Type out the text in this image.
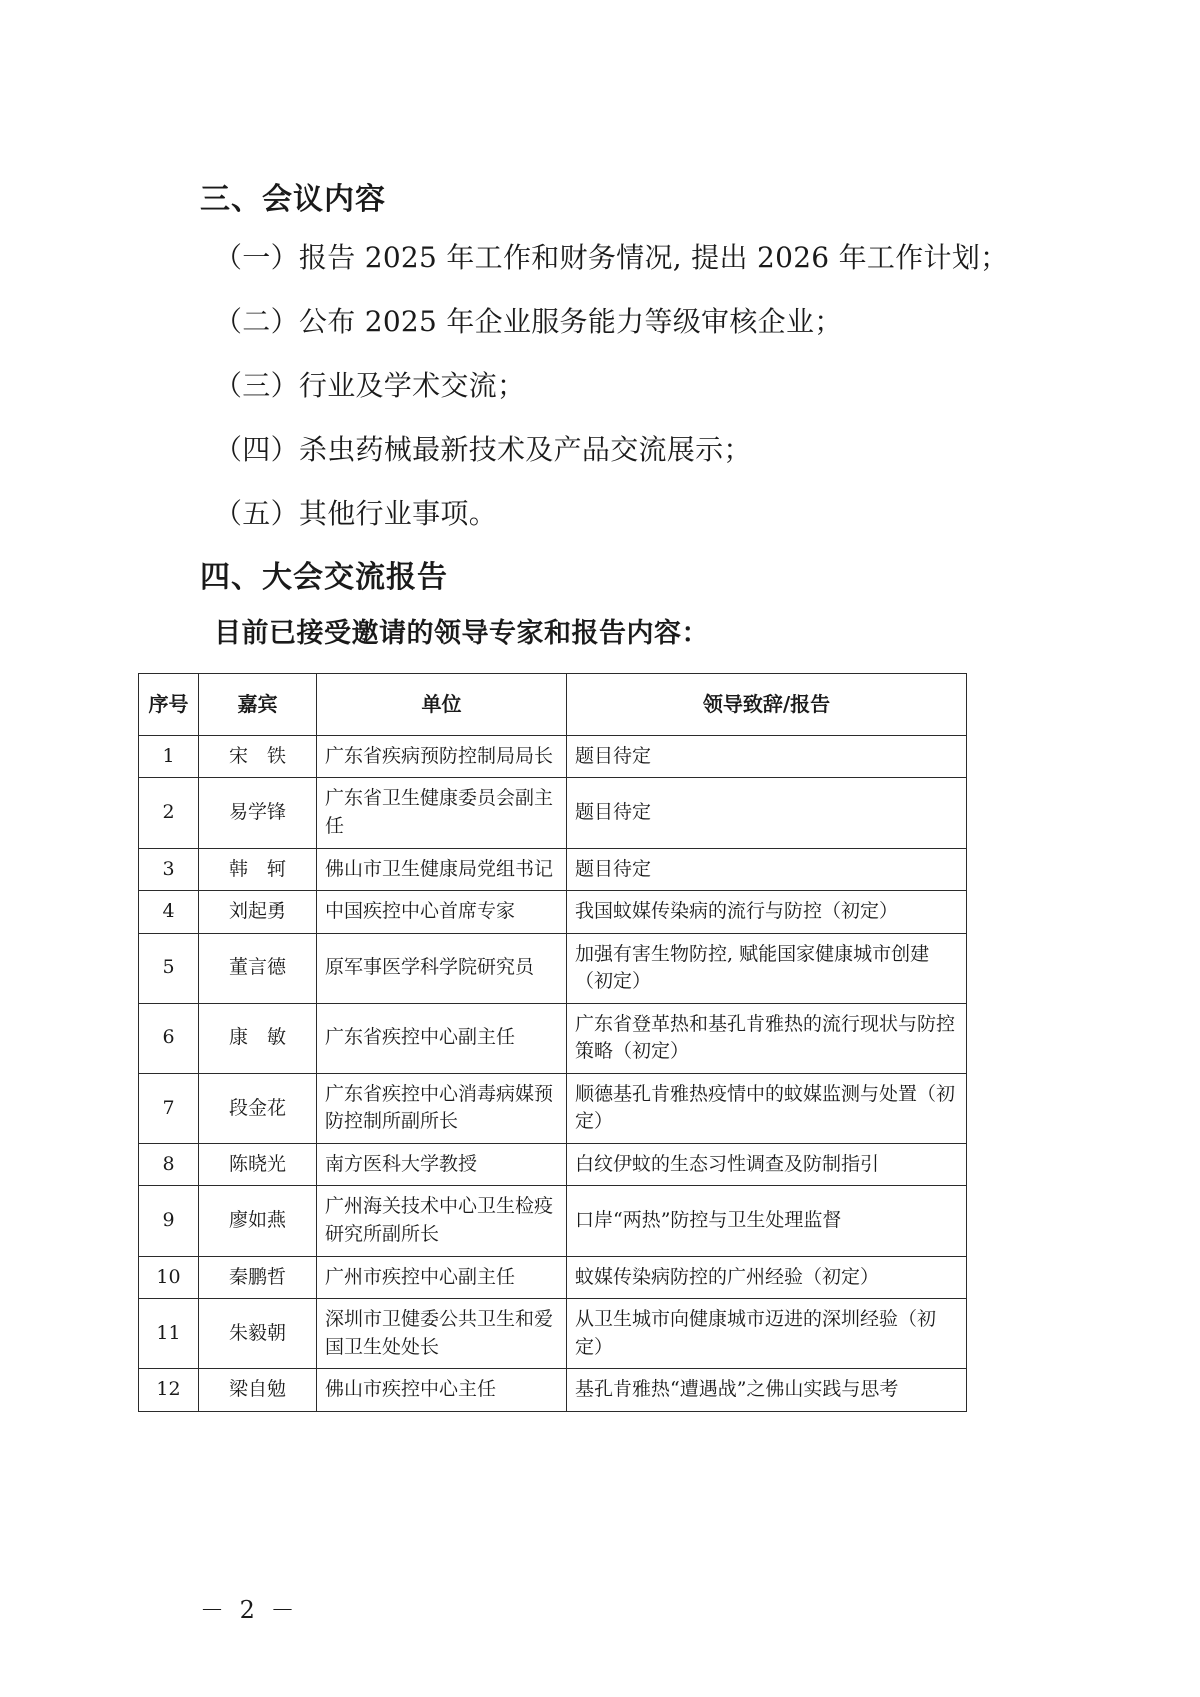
三、会议内容

（一）报告 2025 年工作和财务情况, 提出 2026 年工作计划；

（二）公布 2025 年企业服务能力等级审核企业；

（三）行业及学术交流；

（四）杀虫药械最新技术及产品交流展示；

（五）其他行业事项。

四、大会交流报告

目前已接受邀请的领导专家和报告内容：

序号	嘉宾	单位	领导致辞/报告
1	宋　铁	广东省疾病预防控制局局长	题目待定
2	易学锋	广东省卫生健康委员会副主任	题目待定
3	韩　轲	佛山市卫生健康局党组书记	题目待定
4	刘起勇	中国疾控中心首席专家	我国蚊媒传染病的流行与防控（初定）
5	董言德	原军事医学科学院研究员	加强有害生物防控, 赋能国家健康城市创建（初定）
6	康　敏	广东省疾控中心副主任	广东省登革热和基孔肯雅热的流行现状与防控策略（初定）
7	段金花	广东省疾控中心消毒病媒预防控制所副所长	顺德基孔肯雅热疫情中的蚊媒监测与处置（初定）
8	陈晓光	南方医科大学教授	白纹伊蚊的生态习性调查及防制指引
9	廖如燕	广州海关技术中心卫生检疫研究所副所长	口岸“两热”防控与卫生处理监督
10	秦鹏哲	广州市疾控中心副主任	蚊媒传染病防控的广州经验（初定）
11	朱毅朝	深圳市卫健委公共卫生和爱国卫生处处长	从卫生城市向健康城市迈进的深圳经验（初定）
12	梁自勉	佛山市疾控中心主任	基孔肯雅热“遭遇战”之佛山实践与思考
－ 2 －
